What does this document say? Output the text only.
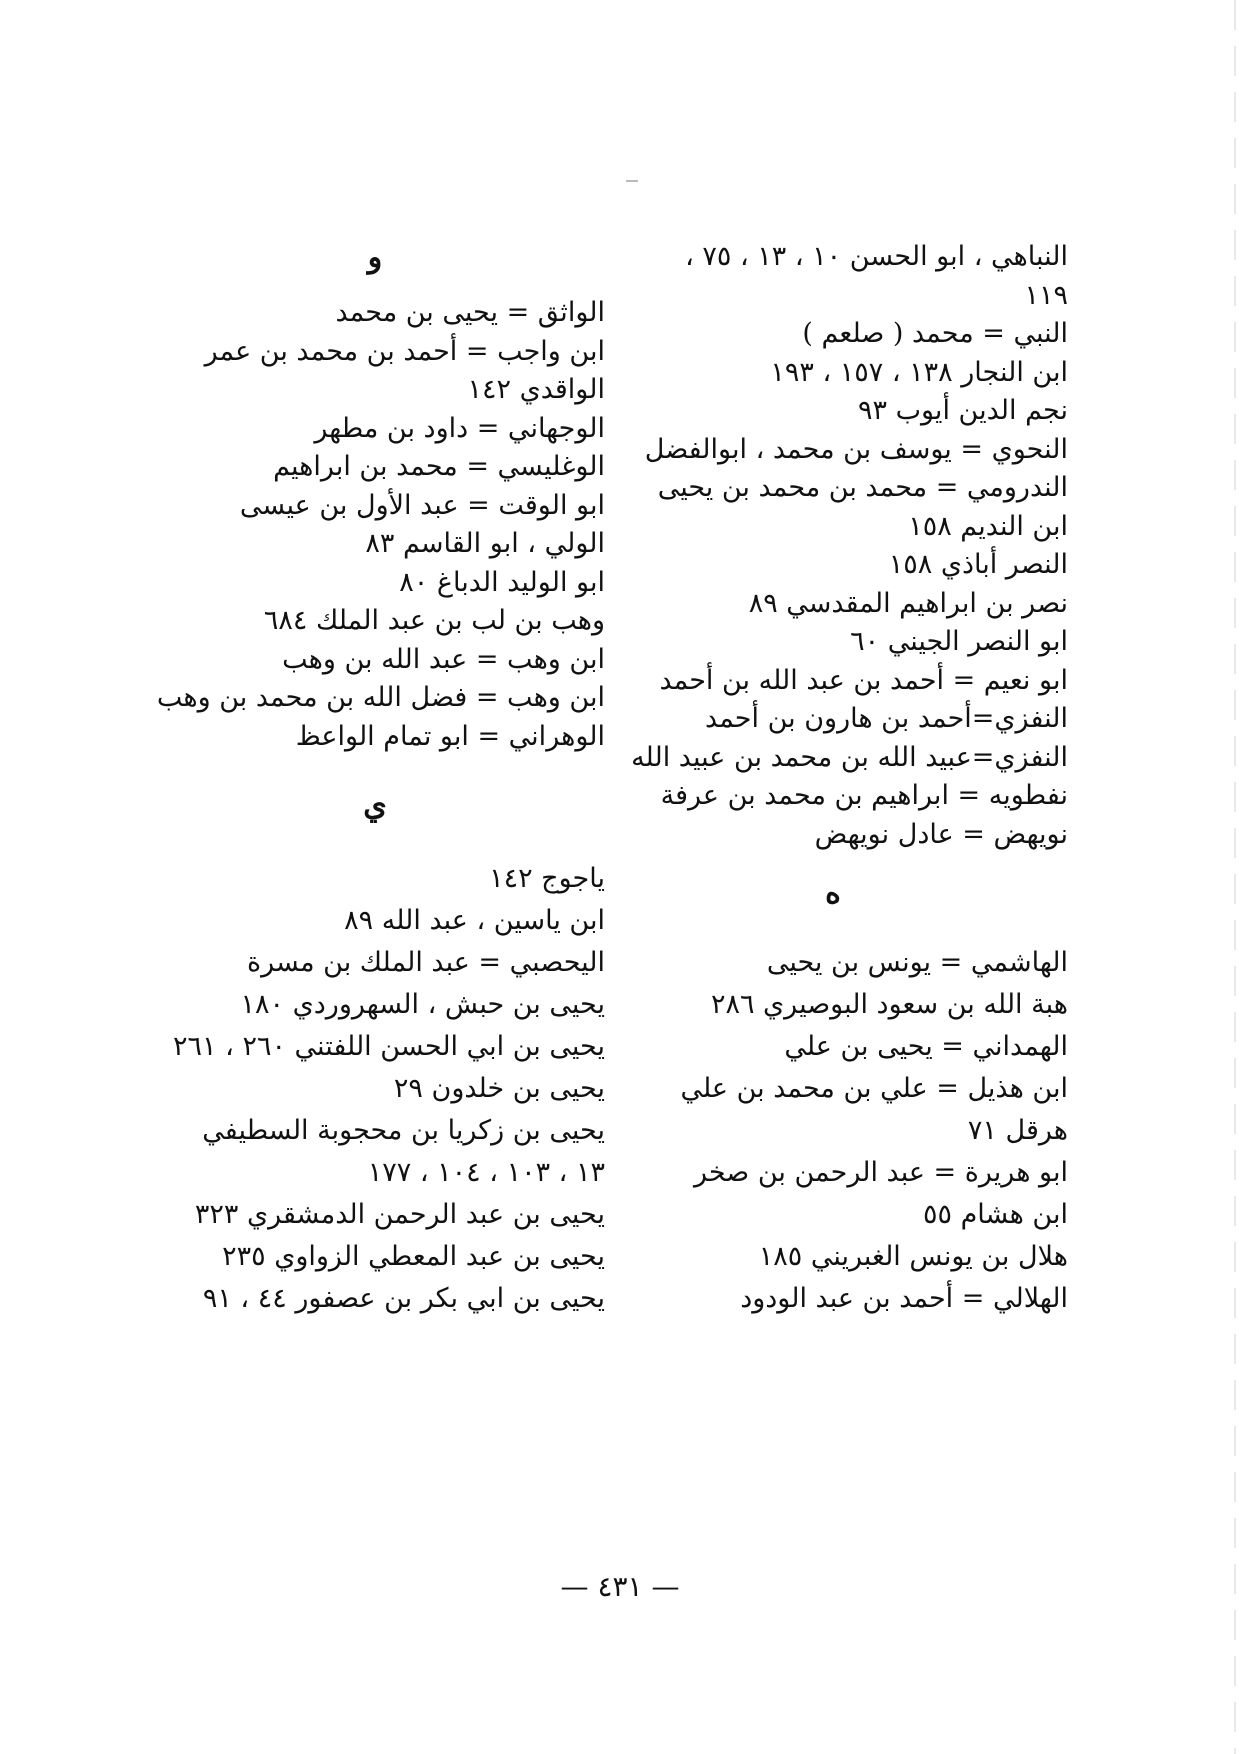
النباهي ، ابو الحسن ١٠ ، ١٣ ، ٧٥ ،
١١٩
النبي = محمد ( صلعم )
ابن النجار ١٣٨ ، ١٥٧ ، ١٩٣
نجم الدين أيوب ٩٣
النحوي = يوسف بن محمد ، ابوالفضل
الندرومي = محمد بن محمد بن يحيى
ابن النديم ١٥٨
النصر أباذي ١٥٨
نصر بن ابراهيم المقدسي ٨٩
ابو النصر الجيني ٦٠
ابو نعيم = أحمد بن عبد الله بن أحمد
النفزي=أحمد بن هارون بن أحمد
النفزي=عبيد الله بن محمد بن عبيد الله
نفطويه = ابراهيم بن محمد بن عرفة
نويهض = عادل نويهض
ه
الهاشمي = يونس بن يحيى
هبة الله بن سعود البوصيري ٢٨٦
الهمداني = يحيى بن علي
ابن هذيل = علي بن محمد بن علي
هرقل ٧١
ابو هريرة = عبد الرحمن بن صخر
ابن هشام ٥٥
هلال بن يونس الغبريني ١٨٥
الهلالي = أحمد بن عبد الودود
و
الواثق = يحيى بن محمد
ابن واجب = أحمد بن محمد بن عمر
الواقدي ١٤٢
الوجهاني = داود بن مطهر
الوغليسي = محمد بن ابراهيم
ابو الوقت = عبد الأول بن عيسى
الولي ، ابو القاسم ٨٣
ابو الوليد الدباغ ٨٠
وهب بن لب بن عبد الملك ٦٨٤
ابن وهب = عبد الله بن وهب
ابن وهب = فضل الله بن محمد بن وهب
الوهراني = ابو تمام الواعظ
ي
ياجوج ١٤٢
ابن ياسين ، عبد الله ٨٩
اليحصبي = عبد الملك بن مسرة
يحيى بن حبش ، السهروردي ١٨٠
يحيى بن ابي الحسن اللفتني ٢٦٠ ، ٢٦١
يحيى بن خلدون ٢٩
يحيى بن زكريا بن محجوبة السطيفي
١٣ ، ١٠٣ ، ١٠٤ ، ١٧٧
يحيى بن عبد الرحمن الدمشقري ٣٢٣
يحيى بن عبد المعطي الزواوي ٢٣٥
يحيى بن ابي بكر بن عصفور ٤٤ ، ٩١
— ٤٣١ —
